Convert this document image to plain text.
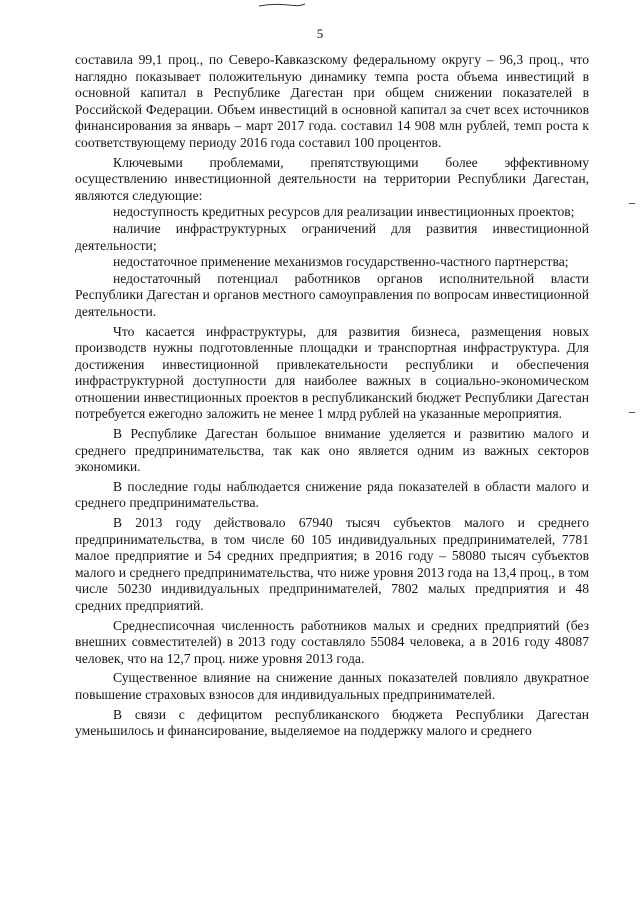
5

составила 99,1 проц., по Северо-Кавказскому федеральному округу – 96,3 проц., что наглядно показывает положительную динамику темпа роста объема инвестиций в основной капитал в Республике Дагестан при общем снижении показателей в Российской Федерации. Объем инвестиций в основной капитал за счет всех источников финансирования за январь – март 2017 года. составил 14 908 млн рублей, темп роста к соответствующему периоду 2016 года составил 100 процентов.

Ключевыми проблемами, препятствующими более эффективному осуществлению инвестиционной деятельности на территории Республики Дагестан, являются следующие:

недоступность кредитных ресурсов для реализации инвестиционных проектов;

наличие инфраструктурных ограничений для развития инвестиционной деятельности;

недостаточное применение механизмов государственно-частного партнерства;

недостаточный потенциал работников органов исполнительной власти Республики Дагестан и органов местного самоуправления по вопросам инвестиционной деятельности.

Что касается инфраструктуры, для развития бизнеса, размещения новых производств нужны подготовленные площадки и транспортная инфраструктура. Для достижения инвестиционной привлекательности республики и обеспечения инфраструктурной доступности для наиболее важных в социально-экономическом отношении инвестиционных проектов в республиканский бюджет Республики Дагестан потребуется ежегодно заложить не менее 1 млрд рублей на указанные мероприятия.

В Республике Дагестан большое внимание уделяется и развитию малого и среднего предпринимательства, так как оно является одним из важных секторов экономики.

В последние годы наблюдается снижение ряда показателей в области малого и среднего предпринимательства.

В 2013 году действовало 67940 тысяч субъектов малого и среднего предпринимательства, в том числе 60 105 индивидуальных предпринимателей, 7781 малое предприятие и 54 средних предприятия; в 2016 году – 58080 тысяч субъектов малого и среднего предпринимательства, что ниже уровня 2013 года на 13,4 проц., в том числе 50230 индивидуальных предпринимателей, 7802 малых предприятия и 48 средних предприятий.

Среднесписочная численность работников малых и средних предприятий (без внешних совместителей) в 2013 году составляло 55084 человека, а в 2016 году 48087 человек, что на 12,7 проц. ниже уровня 2013 года.

Существенное влияние на снижение данных показателей повлияло двукратное повышение страховых взносов для индивидуальных предпринимателей.

В связи с дефицитом республиканского бюджета Республики Дагестан уменьшилось и финансирование, выделяемое на поддержку малого и среднего
